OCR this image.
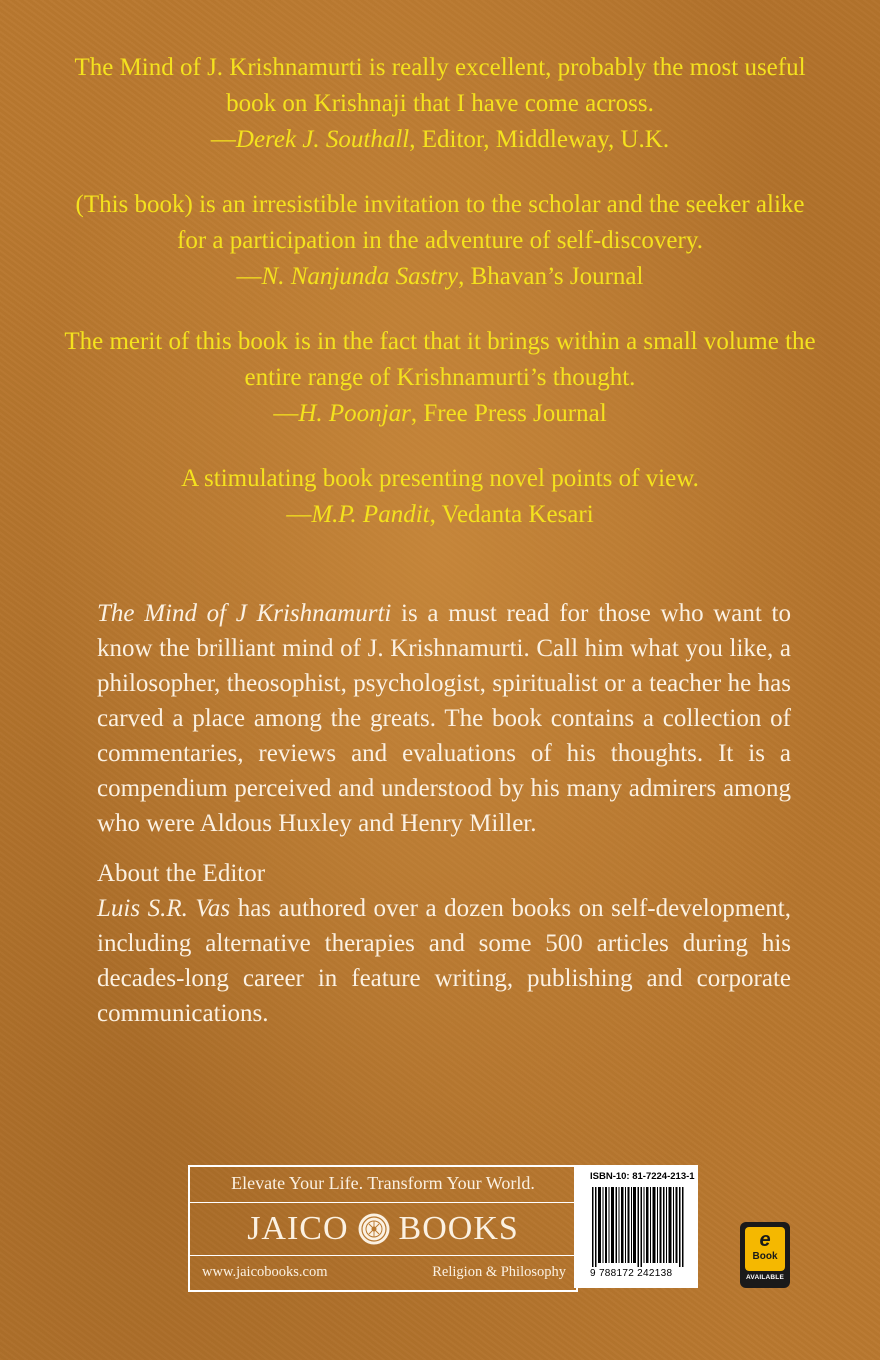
The Mind of J. Krishnamurti is really excellent, probably the most useful book on Krishnaji that I have come across.

—Derek J. Southall, Editor, Middleway, U.K.

(This book) is an irresistible invitation to the scholar and the seeker alike for a participation in the adventure of self-discovery.

—N. Nanjunda Sastry, Bhavan’s Journal

The merit of this book is in the fact that it brings within a small volume the entire range of Krishnamurti’s thought.

—H. Poonjar, Free Press Journal

A stimulating book presenting novel points of view.

—M.P. Pandit, Vedanta Kesari

The Mind of J Krishnamurti is a must read for those who want to know the brilliant mind of J. Krishnamurti. Call him what you like, a philosopher, theosophist, psychologist, spiritualist or a teacher he has carved a place among the greats. The book contains a collection of commentaries, reviews and evaluations of his thoughts. It is a compendium perceived and understood by his many admirers among who were Aldous Huxley and Henry Miller.

About the Editor

Luis S.R. Vas has authored over a dozen books on self-development, including alternative therapies and some 500 articles during his decades-long career in feature writing, publishing and corporate communications.

Elevate Your Life. Transform Your World.
JAICO BOOKS
www.jaicobooks.com	Religion & Philosophy
ISBN-10: 81-7224-213-1
9 788172 242138
e
Book
AVAILABLE
